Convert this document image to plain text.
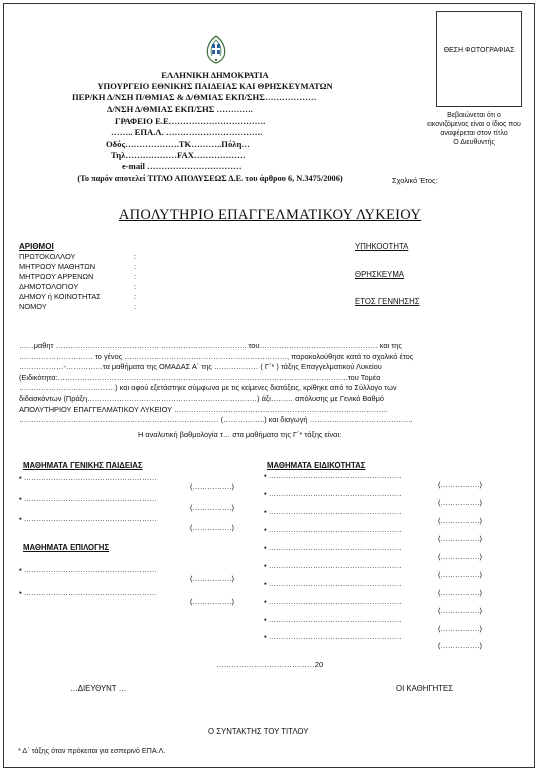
ΘΕΣΗ ΦΩΤΟΓΡΑΦΙΑΣ
Βεβαιώνεται ότι ο
εικονιζόμενος είναι ο ίδιος που
αναφέρεται στον τίτλο
Ο Διευθυντής
Σχολικό Έτος:
ΕΛΛΗΝΙΚΗ ΔΗΜΟΚΡΑΤΙΑ
ΥΠΟΥΡΓΕΙΟ ΕΘΝΙΚΗΣ ΠΑΙΔΕΙΑΣ ΚΑΙ ΘΡΗΣΚΕΥΜΑΤΩΝ
ΠΕΡ/ΚΗ Δ/ΝΣΗ Π/ΘΜΙΑΣ & Δ/ΘΜΙΑΣ ΕΚΠ/ΣΗΣ………………
Δ/ΝΣΗ Δ/ΘΜΙΑΣ ΕΚΠ/ΣΗΣ ………….
ΓΡΑΦΕΙΟ Ε.Ε…………………………….
…….. ΕΠΑ.Λ. …………………………….
Οδός……………….ΤΚ………..Πόλη…
Τηλ………………FAX………………
e-mail ……………………………
(Το παρόν αποτελεί ΤΙΤΛΟ ΑΠΟΛΥΣΕΩΣ Δ.Ε. του άρθρου 6, Ν.3475/2006)
ΑΠΟΛΥΤΗΡΙΟ ΕΠΑΓΓΕΛΜΑΤΙΚΟΥ ΛΥΚΕΙΟΥ
ΑΡΙΘΜΟΙ
ΠΡΩΤΟΚΟΛΛΟΥ
ΜΗΤΡΩΟΥ ΜΑΘΗΤΩΝ
ΜΗΤΡΩΟΥ ΑΡΡΕΝΩΝ
ΔΗΜΟΤΟΛΟΓΙΟΥ
ΔΗΜΟΥ ή ΚΟΙΝΟΤΗΤΑΣ
ΝΟΜΟΥ
:
:
:
:
:
:
ΥΠΗΚΟΟΤΗΤΑ
ΘΡΗΣΚΕΥΜΑ
ΕΤΟΣ ΓΕΝΝΗΣΗΣ
……μαθητ …………………………………… …………………………….. του………………………………………… και της
………………………… το γένος …………………………………………………………, παρακολούθησε κατά το σχολικό έτος
………………-……………τα μαθήματα της ΟΜΑΔΑΣ Α΄ της ……………… ( Γ΄* ) τάξης Επαγγελματικού Λυκείου
(Ειδικότητα:……………………………………………………………………………………………………….του Τομέα
…………………………………) και αφού εξετάστηκε σύμφωνα με τις κείμενες διατάξεις, κρίθηκε από το Σύλλογο των
διδασκόντων (Πράξη……………………………………………………………) άξι……… απόλυσης με Γενικό Βαθμό
ΑΠΟΛΥΤΗΡΙΟΥ ΕΠΑΓΓΕΛΜΑΤΙΚΟΥ ΛΥΚΕΙΟΥ ……………………………………………………………………………
……………………………………………………………………… (……………..) και διαγωγή ……………………………………
Η αναλυτική βαθμολογία τ… στα μαθήματα της Γ΄* τάξης είναι:
ΜΑΘΗΜΑΤΑ ΓΕΝΙΚΗΣ ΠΑΙΔΕΙΑΣ
ΜΑΘΗΜΑΤΑ ΕΠΙΛΟΓΗΣ
ΜΑΘΗΜΑΤΑ ΕΙΔΙΚΟΤΗΤΑΣ
▪ ………………………………………………
(…………….)
▪ ………………………………………………
(…………….)
▪ ………………………………………………
(…………….)
▪ ………………………………………………
(…………….)
▪ ………………………………………………
(…………….)
▪ ………………………………………………
(…………….)
▪ ………………………………………………
(…………….)
▪ ………………………………………………
(…………….)
▪ ………………………………………………
(…………….)
▪ ………………………………………………
(…………….)
▪ ………………………………………………
(…………….)
▪ ………………………………………………
(…………….)
▪ ………………………………………………
(…………….)
▪ ………………………………………………
(…………….)
▪ ………………………………………………
(…………….)
…………………………………20
…ΔΙΕΥΘΥΝΤ …	ΟΙ ΚΑΘΗΓΗΤΕΣ
Ο ΣΥΝΤΑΚΤΗΣ ΤΟΥ ΤΙΤΛΟΥ
* Δ΄ τάξης όταν πρόκειται για εσπερινό ΕΠΑ.Λ.
